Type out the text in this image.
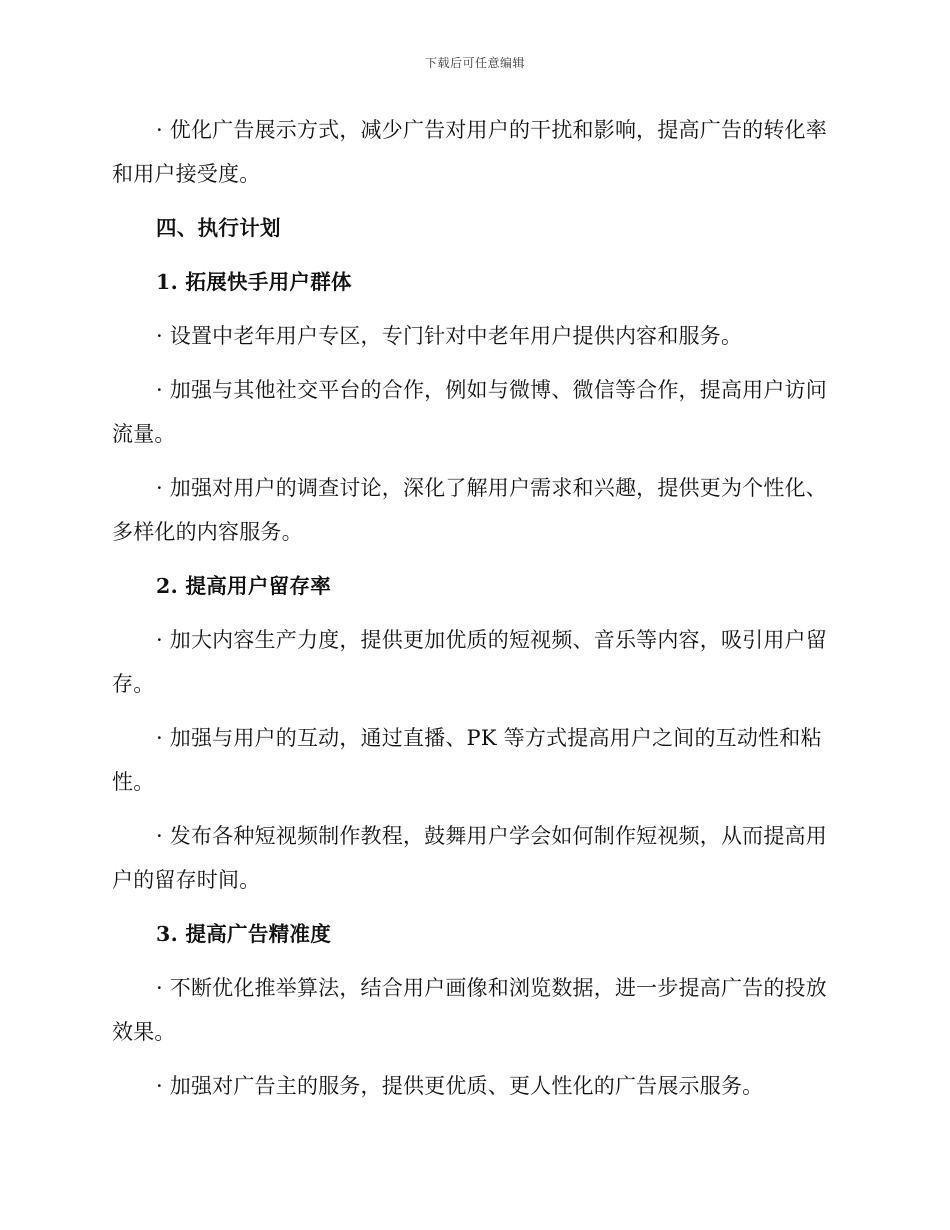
下载后可任意编辑

· 优化广告展示方式，减少广告对用户的干扰和影响，提高广告的转化率和用户接受度。

四、执行计划

1. 拓展快手用户群体

· 设置中老年用户专区，专门针对中老年用户提供内容和服务。

· 加强与其他社交平台的合作，例如与微博、微信等合作，提高用户访问流量。

· 加强对用户的调查讨论，深化了解用户需求和兴趣，提供更为个性化、多样化的内容服务。

2. 提高用户留存率

· 加大内容生产力度，提供更加优质的短视频、音乐等内容，吸引用户留存。

· 加强与用户的互动，通过直播、PK 等方式提高用户之间的互动性和粘性。

· 发布各种短视频制作教程，鼓舞用户学会如何制作短视频，从而提高用户的留存时间。

3. 提高广告精准度

· 不断优化推举算法，结合用户画像和浏览数据，进一步提高广告的投放效果。

· 加强对广告主的服务，提供更优质、更人性化的广告展示服务。
